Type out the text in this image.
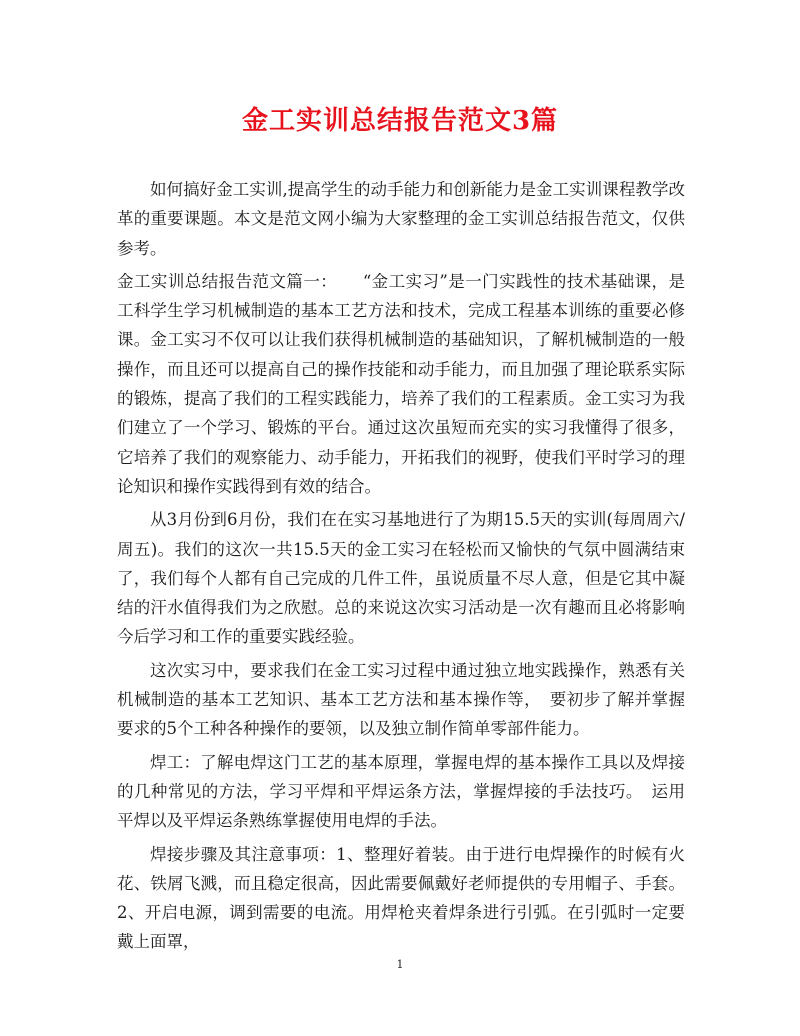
金工实训总结报告范文3篇

如何搞好金工实训,提高学生的动手能力和创新能力是金工实训课程教学改革的重要课题。本文是范文网小编为大家整理的金工实训总结报告范文，仅供参考。

金工实训总结报告范文篇一：　　“金工实习”是一门实践性的技术基础课，是工科学生学习机械制造的基本工艺方法和技术，完成工程基本训练的重要必修课。金工实习不仅可以让我们获得机械制造的基础知识，了解机械制造的一般操作，而且还可以提高自己的操作技能和动手能力，而且加强了理论联系实际的锻炼，提高了我们的工程实践能力，培养了我们的工程素质。金工实习为我们建立了一个学习、锻炼的平台。通过这次虽短而充实的实习我懂得了很多，它培养了我们的观察能力、动手能力，开拓我们的视野，使我们平时学习的理论知识和操作实践得到有效的结合。

从3月份到6月份，我们在在实习基地进行了为期15.5天的实训(每周周六/周五)。我们的这次一共15.5天的金工实习在轻松而又愉快的气氛中圆满结束了，我们每个人都有自己完成的几件工件，虽说质量不尽人意，但是它其中凝结的汗水值得我们为之欣慰。总的来说这次实习活动是一次有趣而且必将影响今后学习和工作的重要实践经验。

这次实习中，要求我们在金工实习过程中通过独立地实践操作，熟悉有关机械制造的基本工艺知识、基本工艺方法和基本操作等，　要初步了解并掌握要求的5个工种各种操作的要领，以及独立制作简单零部件能力。

焊工：了解电焊这门工艺的基本原理，掌握电焊的基本操作工具以及焊接的几种常见的方法，学习平焊和平焊运条方法，掌握焊接的手法技巧。　运用平焊以及平焊运条熟练掌握使用电焊的手法。

焊接步骤及其注意事项：1、整理好着装。由于进行电焊操作的时候有火花、铁屑飞溅，而且稳定很高，因此需要佩戴好老师提供的专用帽子、手套。2、开启电源，调到需要的电流。用焊枪夹着焊条进行引弧。在引弧时一定要戴上面罩，

1
